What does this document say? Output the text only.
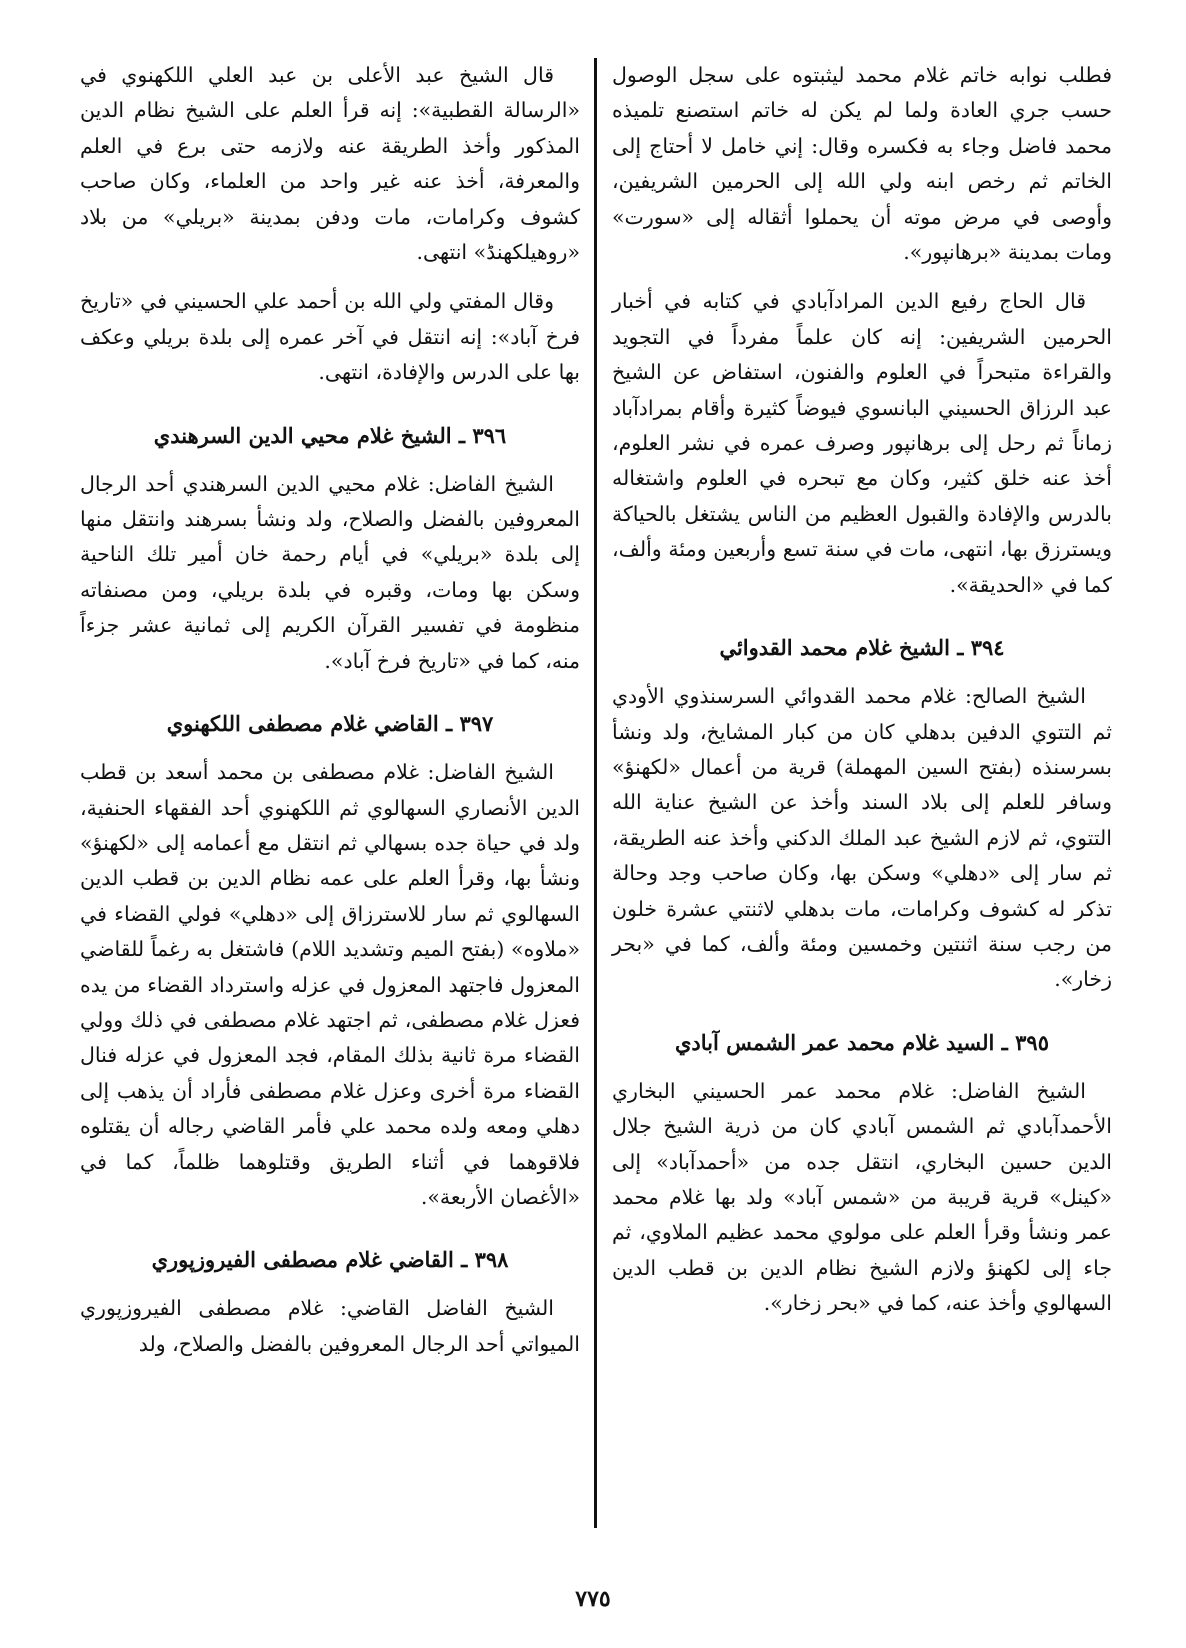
فطلب نوابه خاتم غلام محمد ليثبتوه على سجل الوصول حسب جري العادة ولما لم يكن له خاتم استصنع تلميذه محمد فاضل وجاء به فكسره وقال: إني خامل لا أحتاج إلى الخاتم ثم رخص ابنه ولي الله إلى الحرمين الشريفين، وأوصى في مرض موته أن يحملوا أثقاله إلى «سورت» ومات بمدينة «برهانپور».

قال الحاج رفيع الدين المرادآبادي في كتابه في أخبار الحرمين الشريفين: إنه كان علماً مفرداً في التجويد والقراءة متبحراً في العلوم والفنون، استفاض عن الشيخ عبد الرزاق الحسيني البانسوي فيوضاً كثيرة وأقام بمرادآباد زماناً ثم رحل إلى برهانپور وصرف عمره في نشر العلوم، أخذ عنه خلق كثير، وكان مع تبحره في العلوم واشتغاله بالدرس والإفادة والقبول العظيم من الناس يشتغل بالحياكة ويسترزق بها، انتهى، مات في سنة تسع وأربعين ومئة وألف، كما في «الحديقة».

٣٩٤ ـ الشيخ غلام محمد القدوائي

الشيخ الصالح: غلام محمد القدوائي السرسنذوي الأودي ثم التتوي الدفين بدهلي كان من كبار المشايخ، ولد ونشأ بسرسنذه (بفتح السين المهملة) قرية من أعمال «لكهنؤ» وسافر للعلم إلى بلاد السند وأخذ عن الشيخ عناية الله التتوي، ثم لازم الشيخ عبد الملك الدكني وأخذ عنه الطريقة، ثم سار إلى «دهلي» وسكن بها، وكان صاحب وجد وحالة تذكر له كشوف وكرامات، مات بدهلي لاثنتي عشرة خلون من رجب سنة اثنتين وخمسين ومئة وألف، كما في «بحر زخار».

٣٩٥ ـ السيد غلام محمد عمر الشمس آبادي

الشيخ الفاضل: غلام محمد عمر الحسيني البخاري الأحمدآبادي ثم الشمس آبادي كان من ذرية الشيخ جلال الدين حسين البخاري، انتقل جده من «أحمدآباد» إلى «كينل» قرية قريبة من «شمس آباد» ولد بها غلام محمد عمر ونشأ وقرأ العلم على مولوي محمد عظيم الملاوي، ثم جاء إلى لكهنؤ ولازم الشيخ نظام الدين بن قطب الدين السهالوي وأخذ عنه، كما في «بحر زخار».

قال الشيخ عبد الأعلى بن عبد العلي اللكهنوي في «الرسالة القطبية»: إنه قرأ العلم على الشيخ نظام الدين المذكور وأخذ الطريقة عنه ولازمه حتى برع في العلم والمعرفة، أخذ عنه غير واحد من العلماء، وكان صاحب كشوف وكرامات، مات ودفن بمدينة «بريلي» من بلاد «روهيلكهنڈ» انتهى.

وقال المفتي ولي الله بن أحمد علي الحسيني في «تاريخ فرخ آباد»: إنه انتقل في آخر عمره إلى بلدة بريلي وعكف بها على الدرس والإفادة، انتهى.

٣٩٦ ـ الشيخ غلام محيي الدين السرهندي

الشيخ الفاضل: غلام محيي الدين السرهندي أحد الرجال المعروفين بالفضل والصلاح، ولد ونشأ بسرهند وانتقل منها إلى بلدة «بريلي» في أيام رحمة خان أمير تلك الناحية وسكن بها ومات، وقبره في بلدة بريلي، ومن مصنفاته منظومة في تفسير القرآن الكريم إلى ثمانية عشر جزءاً منه، كما في «تاريخ فرخ آباد».

٣٩٧ ـ القاضي غلام مصطفى اللكهنوي

الشيخ الفاضل: غلام مصطفى بن محمد أسعد بن قطب الدين الأنصاري السهالوي ثم اللكهنوي أحد الفقهاء الحنفية، ولد في حياة جده بسهالي ثم انتقل مع أعمامه إلى «لكهنؤ» ونشأ بها، وقرأ العلم على عمه نظام الدين بن قطب الدين السهالوي ثم سار للاسترزاق إلى «دهلي» فولي القضاء في «ملاوه» (بفتح الميم وتشديد اللام) فاشتغل به رغماً للقاضي المعزول فاجتهد المعزول في عزله واسترداد القضاء من يده فعزل غلام مصطفى، ثم اجتهد غلام مصطفى في ذلك وولي القضاء مرة ثانية بذلك المقام، فجد المعزول في عزله فنال القضاء مرة أخرى وعزل غلام مصطفى فأراد أن يذهب إلى دهلي ومعه ولده محمد علي فأمر القاضي رجاله أن يقتلوه فلاقوهما في أثناء الطريق وقتلوهما ظلماً، كما في «الأغصان الأربعة».

٣٩٨ ـ القاضي غلام مصطفى الفيروزپوري

الشيخ الفاضل القاضي: غلام مصطفى الفيروزپوري الميواتي أحد الرجال المعروفين بالفضل والصلاح، ولد

٧٧٥
